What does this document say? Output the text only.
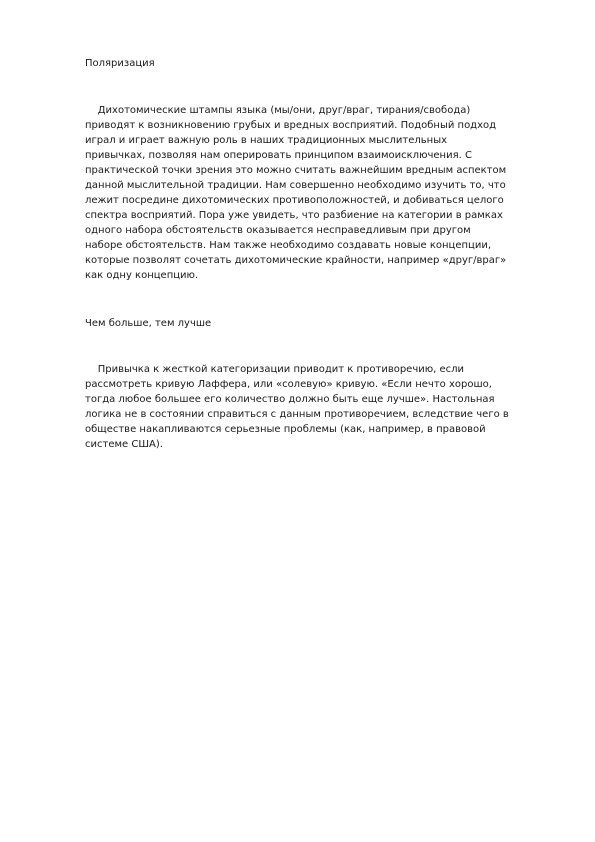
Поляризация
Дихотомические штампы языка (мы/они, друг/враг, тирания/свобода)
приводят к возникновению грубых и вредных восприятий. Подобный подход
играл и играет важную роль в наших традиционных мыслительных
привычках, позволяя нам оперировать принципом взаимоисключения. С
практической точки зрения это можно считать важнейшим вредным аспектом
данной мыслительной традиции. Нам совершенно необходимо изучить то, что
лежит посредине дихотомических противоположностей, и добиваться целого
спектра восприятий. Пора уже увидеть, что разбиение на категории в рамках
одного набора обстоятельств оказывается несправедливым при другом
наборе обстоятельств. Нам также необходимо создавать новые концепции,
которые позволят сочетать дихотомические крайности, например «друг/враг»
как одну концепцию.
Чем больше, тем лучше
Привычка к жесткой категоризации приводит к противоречию, если
рассмотреть кривую Лаффера, или «солевую» кривую. «Если нечто хорошо,
тогда любое большее его количество должно быть еще лучше». Настольная
логика не в состоянии справиться с данным противоречием, вследствие чего в
обществе накапливаются серьезные проблемы (как, например, в правовой
системе США).
